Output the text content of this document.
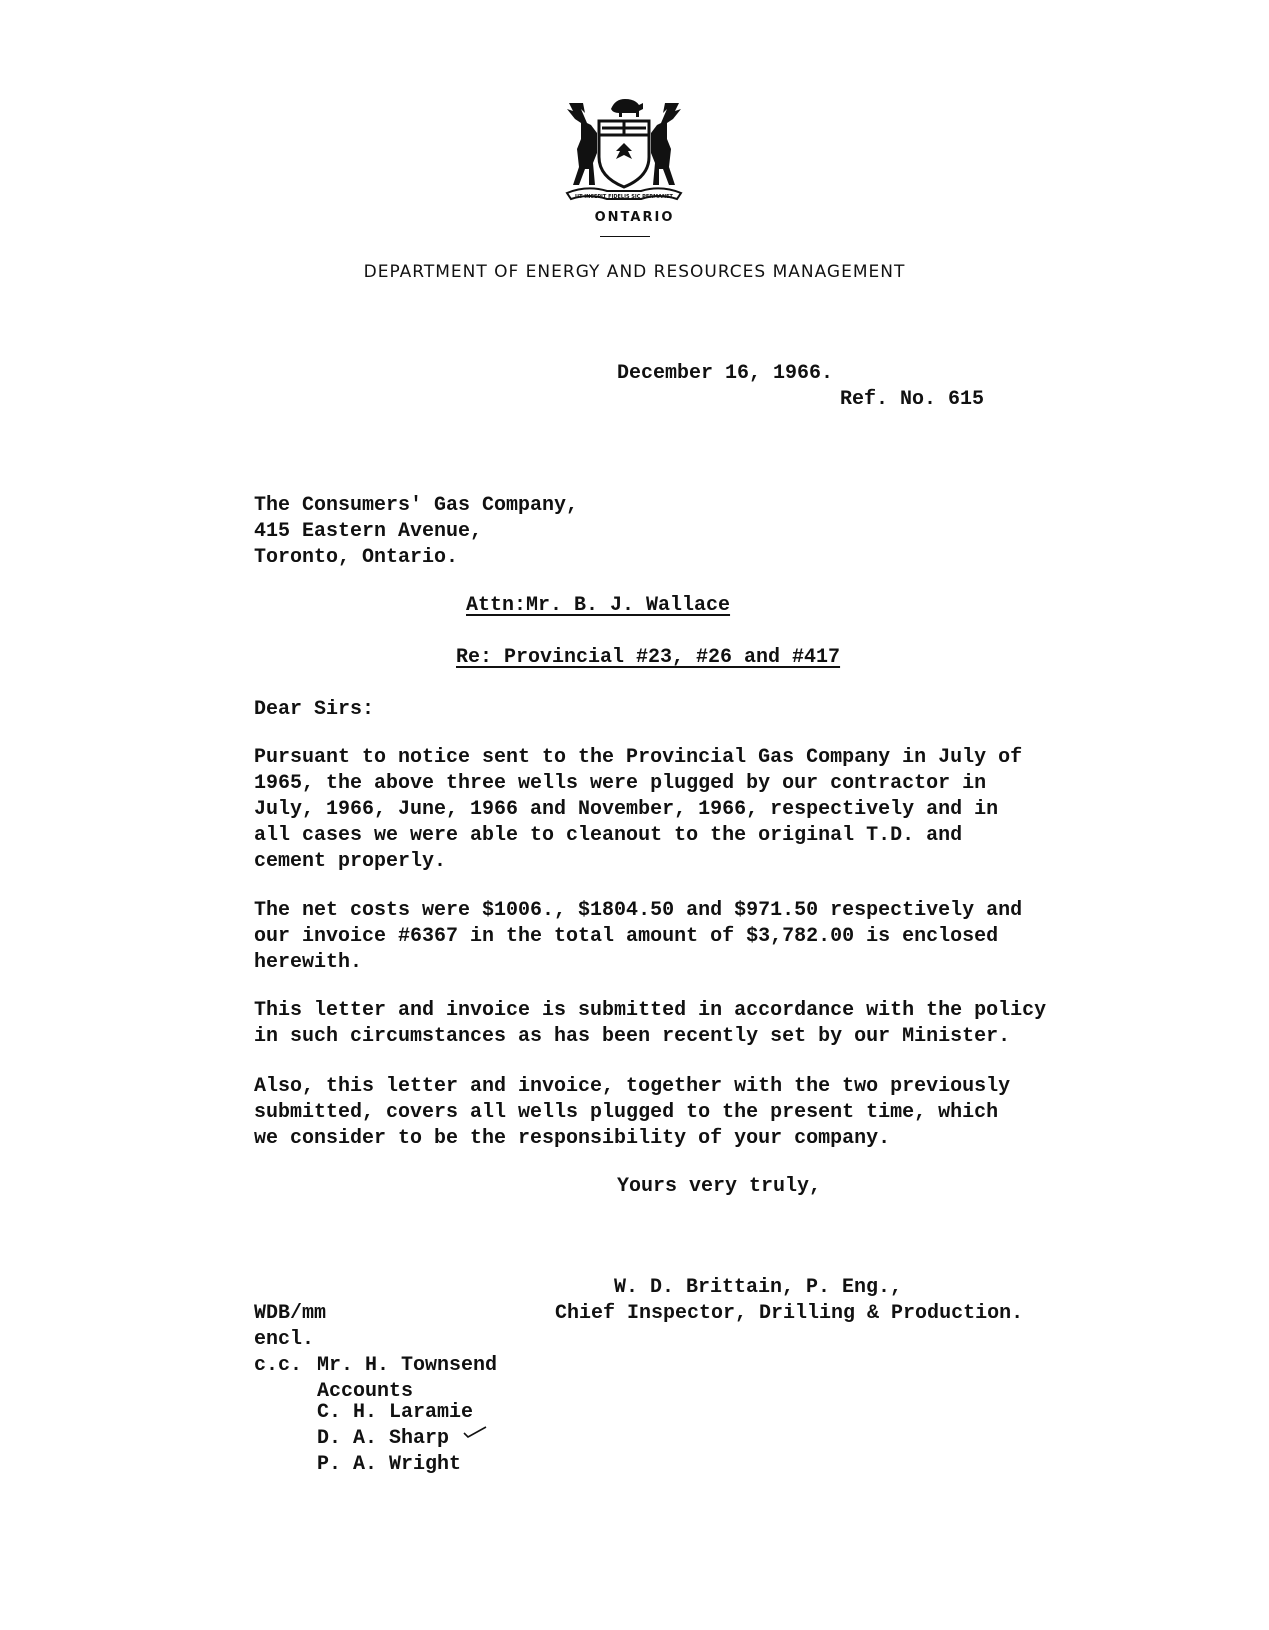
UT INCEPIT FIDELIS SIC PERMANET
ONTARIO
DEPARTMENT OF ENERGY AND RESOURCES MANAGEMENT
December 16, 1966.
Ref. No. 615
The Consumers' Gas Company,
415 Eastern Avenue,
Toronto, Ontario.
Attn:Mr. B. J. Wallace
Re: Provincial #23, #26 and #417
Dear Sirs:
Pursuant to notice sent to the Provincial Gas Company in July of
1965, the above three wells were plugged by our contractor in
July, 1966, June, 1966 and November, 1966, respectively and in
all cases we were able to cleanout to the original T.D. and
cement properly.
The net costs were $1006., $1804.50 and $971.50 respectively and
our invoice #6367 in the total amount of $3,782.00 is enclosed
herewith.
This letter and invoice is submitted in accordance with the policy
in such circumstances as has been recently set by our Minister.
Also, this letter and invoice, together with the two previously
submitted, covers all wells plugged to the present time, which
we consider to be the responsibility of your company.
Yours very truly,
W. D. Brittain, P. Eng.,
Chief Inspector, Drilling & Production.
WDB/mm
encl.
c.c. Mr. H. Townsend
Accounts
C. H. Laramie
D. A. Sharp
P. A. Wright
